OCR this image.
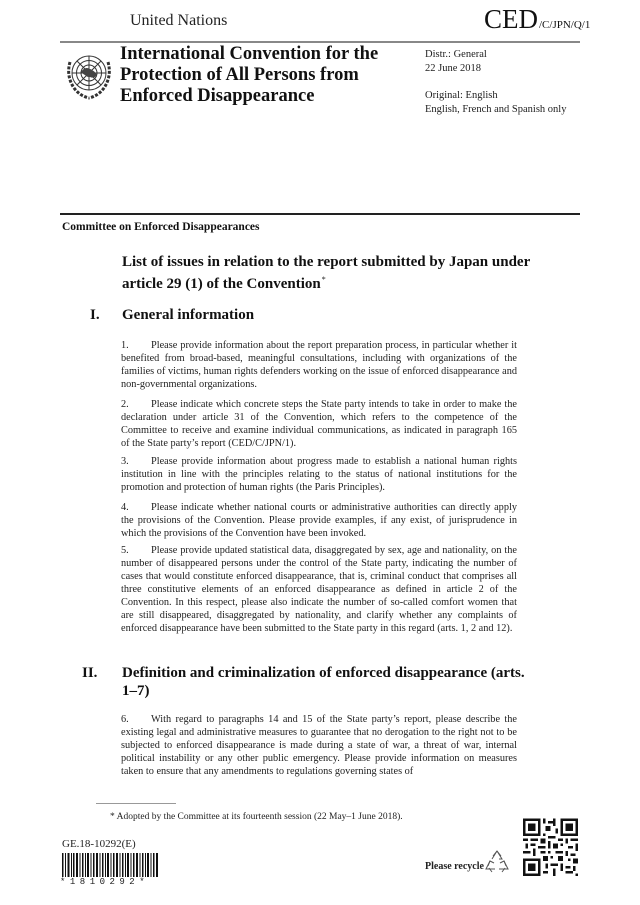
United Nations	CED/C/JPN/Q/1
International Convention for the Protection of All Persons from Enforced Disappearance
Distr.: General
22 June 2018
Original: English
English, French and Spanish only
Committee on Enforced Disappearances
List of issues in relation to the report submitted by Japan under article 29 (1) of the Convention*
I. General information
1. Please provide information about the report preparation process, in particular whether it benefited from broad-based, meaningful consultations, including with organizations of the families of victims, human rights defenders working on the issue of enforced disappearance and non-governmental organizations.
2. Please indicate which concrete steps the State party intends to take in order to make the declaration under article 31 of the Convention, which refers to the competence of the Committee to receive and examine individual communications, as indicated in paragraph 165 of the State party’s report (CED/C/JPN/1).
3. Please provide information about progress made to establish a national human rights institution in line with the principles relating to the status of national institutions for the promotion and protection of human rights (the Paris Principles).
4. Please indicate whether national courts or administrative authorities can directly apply the provisions of the Convention. Please provide examples, if any exist, of jurisprudence in which the provisions of the Convention have been invoked.
5. Please provide updated statistical data, disaggregated by sex, age and nationality, on the number of disappeared persons under the control of the State party, indicating the number of cases that would constitute enforced disappearance, that is, criminal conduct that comprises all three constitutive elements of an enforced disappearance as defined in article 2 of the Convention. In this respect, please also indicate the number of so-called comfort women that are still disappeared, disaggregated by nationality, and clarify whether any complaints of enforced disappearance have been submitted to the State party in this regard (arts. 1, 2 and 12).
II. Definition and criminalization of enforced disappearance (arts. 1–7)
6. With regard to paragraphs 14 and 15 of the State party’s report, please describe the existing legal and administrative measures to guarantee that no derogation to the right not to be subjected to enforced disappearance is made during a state of war, a threat of war, internal political instability or any other public emergency. Please provide information on measures taken to ensure that any amendments to regulations governing states of
* Adopted by the Committee at its fourteenth session (22 May–1 June 2018).
GE.18-10292(E)
*1810292*
Please recycle
